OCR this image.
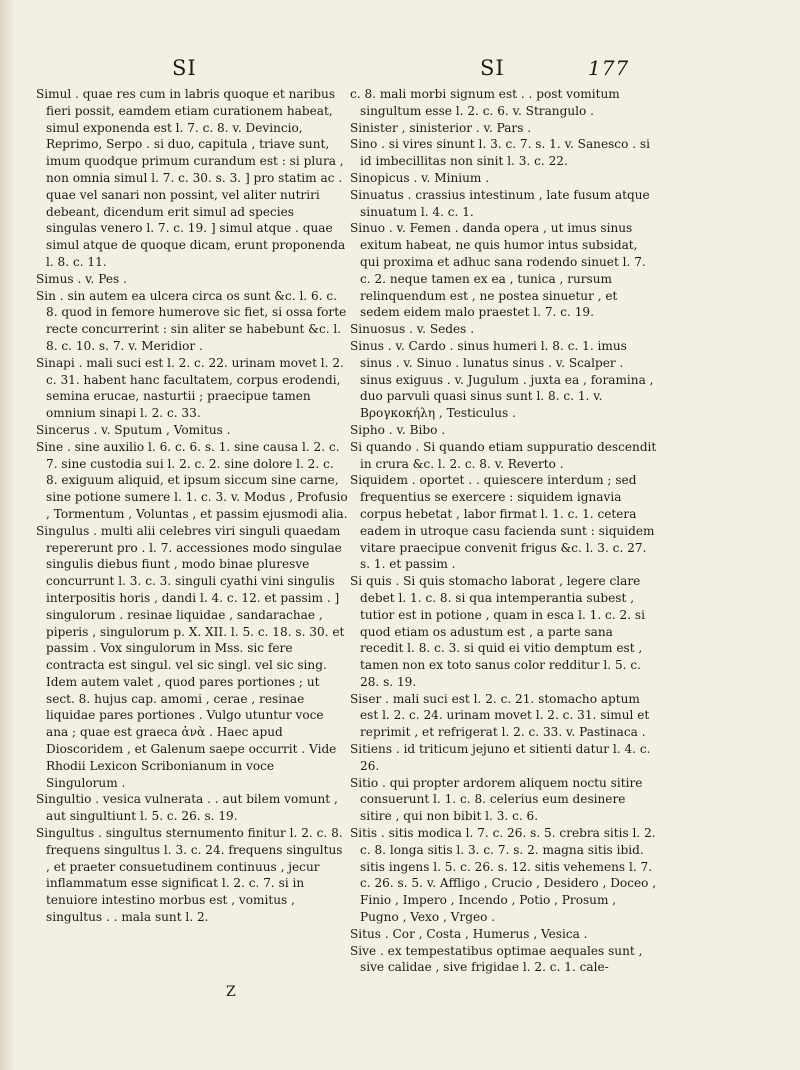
SI	SI	177

Simul . quae res cum in labris quoque et naribus fieri possit, eamdem etiam curationem habeat, simul exponenda est l. 7. c. 8. v. Devincio, Reprimo, Serpo . si duo, capitula , triave sunt, imum quodque primum curandum est : si plura , non omnia simul l. 7. c. 30. s. 3. ] pro statim ac . quae vel sanari non possint, vel aliter nutriri debeant, dicendum erit simul ad species singulas venero l. 7. c. 19. ] simul atque . quae simul atque de quoque dicam, erunt proponenda l. 8. c. 11.

Simus . v. Pes .

Sin . sin autem ea ulcera circa os sunt &c. l. 6. c. 8. quod in femore humerove sic fiet, si ossa forte recte concurrerint : sin aliter se habebunt &c. l. 8. c. 10. s. 7. v. Meridior .

Sinapi . mali suci est l. 2. c. 22. urinam movet l. 2. c. 31. habent hanc facultatem, corpus erodendi, semina erucae, nasturtii ; praecipue tamen omnium sinapi l. 2. c. 33.

Sincerus . v. Sputum , Vomitus .

Sine . sine auxilio l. 6. c. 6. s. 1. sine causa l. 2. c. 7. sine custodia sui l. 2. c. 2. sine dolore l. 2. c. 8. exiguum aliquid, et ipsum siccum sine carne, sine potione sumere l. 1. c. 3. v. Modus , Profusio , Tormentum , Voluntas , et passim ejusmodi alia.

Singulus . multi alii celebres viri singuli quaedam repererunt pro . l. 7. accessiones modo singulae singulis diebus fiunt , modo binae pluresve concurrunt l. 3. c. 3. singuli cyathi vini singulis interpositis horis , dandi l. 4. c. 12. et passim . ] singulorum . resinae liquidae , sandarachae , piperis , singulorum p. X. XII. l. 5. c. 18. s. 30. et passim . Vox singulorum in Mss. sic fere contracta est singul. vel sic singl. vel sic sing. Idem autem valet , quod pares portiones ; ut sect. 8. hujus cap. amomi , cerae , resinae liquidae pares portiones . Vulgo utuntur voce ana ; quae est graeca ἀνὰ . Haec apud Dioscoridem , et Galenum saepe occurrit . Vide Rhodii Lexicon Scribonianum in voce Singulorum .

Singultio . vesica vulnerata . . aut bilem vomunt , aut singultiunt l. 5. c. 26. s. 19.

Singultus . singultus sternumento finitur l. 2. c. 8. frequens singultus l. 3. c. 24. frequens singultus , et praeter consuetudinem continuus , jecur inflammatum esse significat l. 2. c. 7. si in tenuiore intestino morbus est , vomitus , singultus . . mala sunt l. 2.

c. 8. mali morbi signum est . . post vomitum singultum esse l. 2. c. 6. v. Strangulo .

Sinister , sinisterior . v. Pars .

Sino . si vires sinunt l. 3. c. 7. s. 1. v. Sanesco . si id imbecillitas non sinit l. 3. c. 22.

Sinopicus . v. Minium .

Sinuatus . crassius intestinum , late fusum atque sinuatum l. 4. c. 1.

Sinuo . v. Femen . danda opera , ut imus sinus exitum habeat, ne quis humor intus subsidat, qui proxima et adhuc sana rodendo sinuet l. 7. c. 2. neque tamen ex ea , tunica , rursum relinquendum est , ne postea sinuetur , et sedem eidem malo praestet l. 7. c. 19.

Sinuosus . v. Sedes .

Sinus . v. Cardo . sinus humeri l. 8. c. 1. imus sinus . v. Sinuo . lunatus sinus . v. Scalper . sinus exiguus . v. Jugulum . juxta ea , foramina , duo parvuli quasi sinus sunt l. 8. c. 1. v. Βρογκοκήλη , Testiculus .

Sipho . v. Bibo .

Si quando . Si quando etiam suppuratio descendit in crura &c. l. 2. c. 8. v. Reverto .

Siquidem . oportet . . quiescere interdum ; sed frequentius se exercere : siquidem ignavia corpus hebetat , labor firmat l. 1. c. 1. cetera eadem in utroque casu facienda sunt : siquidem vitare praecipue convenit frigus &c. l. 3. c. 27. s. 1. et passim .

Si quis . Si quis stomacho laborat , legere clare debet l. 1. c. 8. si qua intemperantia subest , tutior est in potione , quam in esca l. 1. c. 2. si quod etiam os adustum est , a parte sana recedit l. 8. c. 3. si quid ei vitio demptum est , tamen non ex toto sanus color redditur l. 5. c. 28. s. 19.

Siser . mali suci est l. 2. c. 21. stomacho aptum est l. 2. c. 24. urinam movet l. 2. c. 31. simul et reprimit , et refrigerat l. 2. c. 33. v. Pastinaca .

Sitiens . id triticum jejuno et sitienti datur l. 4. c. 26.

Sitio . qui propter ardorem aliquem noctu sitire consuerunt l. 1. c. 8. celerius eum desinere sitire , qui non bibit l. 3. c. 6.

Sitis . sitis modica l. 7. c. 26. s. 5. crebra sitis l. 2. c. 8. longa sitis l. 3. c. 7. s. 2. magna sitis ibid. sitis ingens l. 5. c. 26. s. 12. sitis vehemens l. 7. c. 26. s. 5. v. Affligo , Crucio , Desidero , Doceo , Finio , Impero , Incendo , Potio , Prosum , Pugno , Vexo , Vrgeo .

Situs . Cor , Costa , Humerus , Vesica .

Sive . ex tempestatibus optimae aequales sunt , sive calidae , sive frigidae l. 2. c. 1. cale-

Z
